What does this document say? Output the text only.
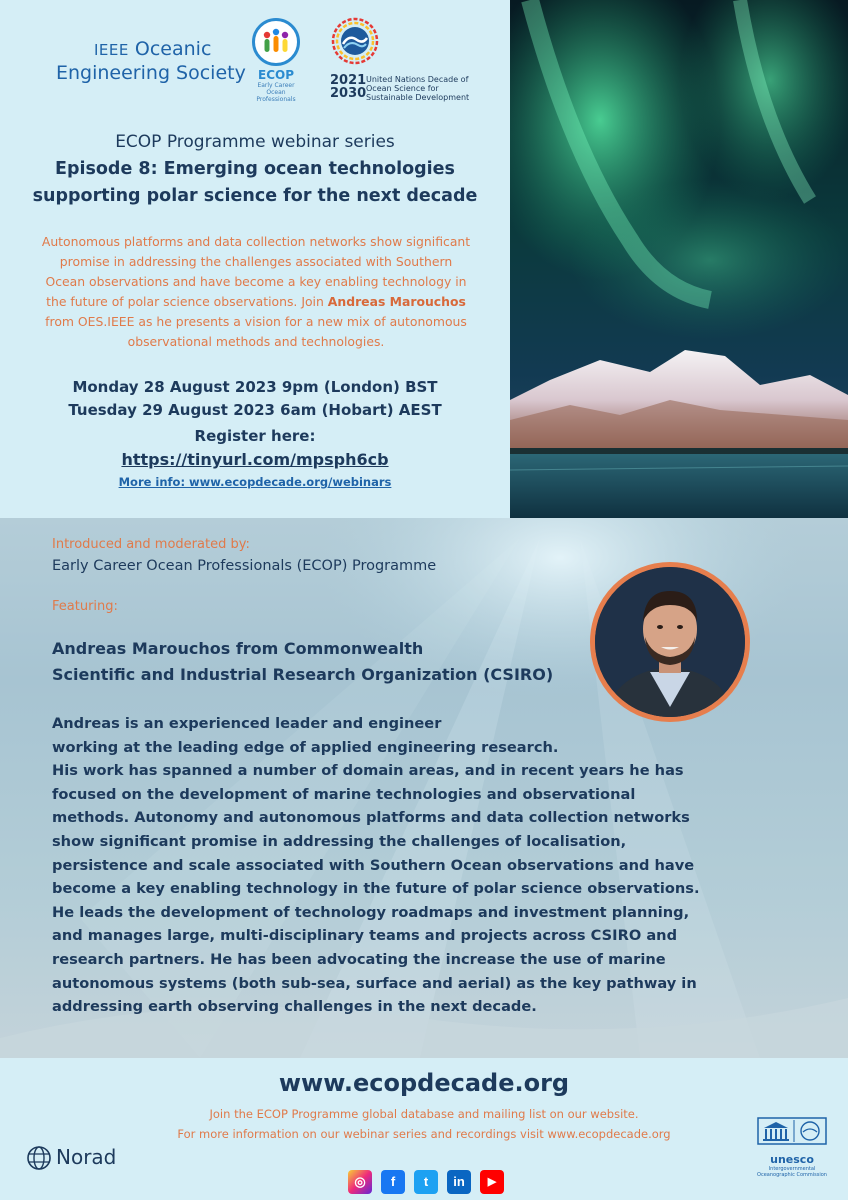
IEEE Oceanic
Engineering Society	ECOP
Early Career Ocean Professionals
2021
2030
United Nations Decade of Ocean Science for Sustainable Development
ECOP Programme webinar series
Episode 8: Emerging ocean technologies
supporting polar science for the next decade
Autonomous platforms and data collection networks show significant promise in addressing the challenges associated with Southern Ocean observations and have become a key enabling technology in the future of polar science observations. Join Andreas Marouchos from OES.IEEE as he presents a vision for a new mix of autonomous observational methods and technologies.
Monday 28 August 2023 9pm (London) BST
Tuesday 29 August 2023 6am (Hobart) AEST
Register here:
https://tinyurl.com/mpsph6cb
More info: www.ecopdecade.org/webinars
Introduced and moderated by:
Early Career Ocean Professionals (ECOP) Programme
Featuring:
Andreas Marouchos from Commonwealth
Scientific and Industrial Research Organization (CSIRO)

Andreas is an experienced leader and engineer
working at the leading edge of applied engineering research.
His work has spanned a number of domain areas, and in recent years he has
focused on the development of marine technologies and observational
methods. Autonomy and autonomous platforms and data collection networks
show significant promise in addressing the challenges of localisation,
persistence and scale associated with Southern Ocean observations and have
become a key enabling technology in the future of polar science observations.
He leads the development of technology roadmaps and investment planning,
and manages large, multi-disciplinary teams and projects across CSIRO and
research partners. He has been advocating the increase the use of marine
autonomous systems (both sub-sea, surface and aerial) as the key pathway in
addressing earth observing challenges in the next decade.

www.ecopdecade.org
Join the ECOP Programme global database and mailing list on our website.
For more information on our webinar series and recordings visit www.ecopdecade.org
Norad
◎	f	t	in	▶
unesco
Intergovernmental Oceanographic Commission
